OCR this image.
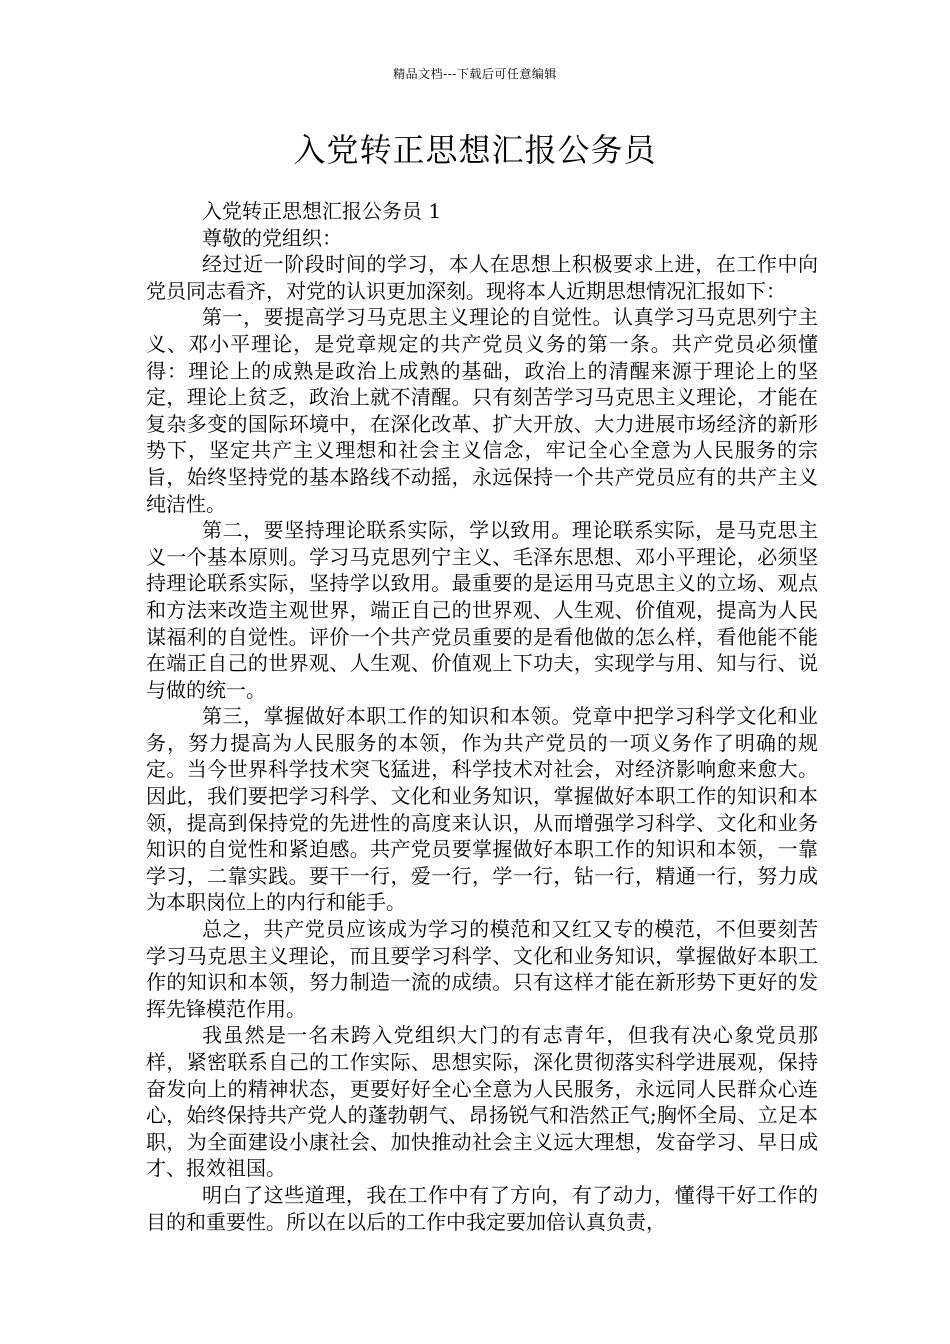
精品文档---下载后可任意编辑
入党转正思想汇报公务员

入党转正思想汇报公务员 1

尊敬的党组织：

经过近一阶段时间的学习，本人在思想上积极要求上进，在工作中向党员同志看齐，对党的认识更加深刻。现将本人近期思想情况汇报如下：

第一，要提高学习马克思主义理论的自觉性。认真学习马克思列宁主义、邓小平理论，是党章规定的共产党员义务的第一条。共产党员必须懂得：理论上的成熟是政治上成熟的基础，政治上的清醒来源于理论上的坚定，理论上贫乏，政治上就不清醒。只有刻苦学习马克思主义理论，才能在复杂多变的国际环境中，在深化改革、扩大开放、大力进展市场经济的新形势下，坚定共产主义理想和社会主义信念，牢记全心全意为人民服务的宗旨，始终坚持党的基本路线不动摇，永远保持一个共产党员应有的共产主义纯洁性。

第二，要坚持理论联系实际，学以致用。理论联系实际，是马克思主义一个基本原则。学习马克思列宁主义、毛泽东思想、邓小平理论，必须坚持理论联系实际，坚持学以致用。最重要的是运用马克思主义的立场、观点和方法来改造主观世界，端正自己的世界观、人生观、价值观，提高为人民谋福利的自觉性。评价一个共产党员重要的是看他做的怎么样，看他能不能在端正自己的世界观、人生观、价值观上下功夫，实现学与用、知与行、说与做的统一。

第三，掌握做好本职工作的知识和本领。党章中把学习科学文化和业务，努力提高为人民服务的本领，作为共产党员的一项义务作了明确的规定。当今世界科学技术突飞猛进，科学技术对社会，对经济影响愈来愈大。因此，我们要把学习科学、文化和业务知识，掌握做好本职工作的知识和本领，提高到保持党的先进性的高度来认识，从而增强学习科学、文化和业务知识的自觉性和紧迫感。共产党员要掌握做好本职工作的知识和本领，一靠学习，二靠实践。要干一行，爱一行，学一行，钻一行，精通一行，努力成为本职岗位上的内行和能手。

总之，共产党员应该成为学习的模范和又红又专的模范，不但要刻苦学习马克思主义理论，而且要学习科学、文化和业务知识，掌握做好本职工作的知识和本领，努力制造一流的成绩。只有这样才能在新形势下更好的发挥先锋模范作用。

我虽然是一名未跨入党组织大门的有志青年，但我有决心象党员那样，紧密联系自己的工作实际、思想实际，深化贯彻落实科学进展观，保持奋发向上的精神状态，更要好好全心全意为人民服务，永远同人民群众心连心，始终保持共产党人的蓬勃朝气、昂扬锐气和浩然正气;胸怀全局、立足本职，为全面建设小康社会、加快推动社会主义远大理想，发奋学习、早日成才、报效祖国。

明白了这些道理，我在工作中有了方向，有了动力，懂得干好工作的目的和重要性。所以在以后的工作中我定要加倍认真负责，
